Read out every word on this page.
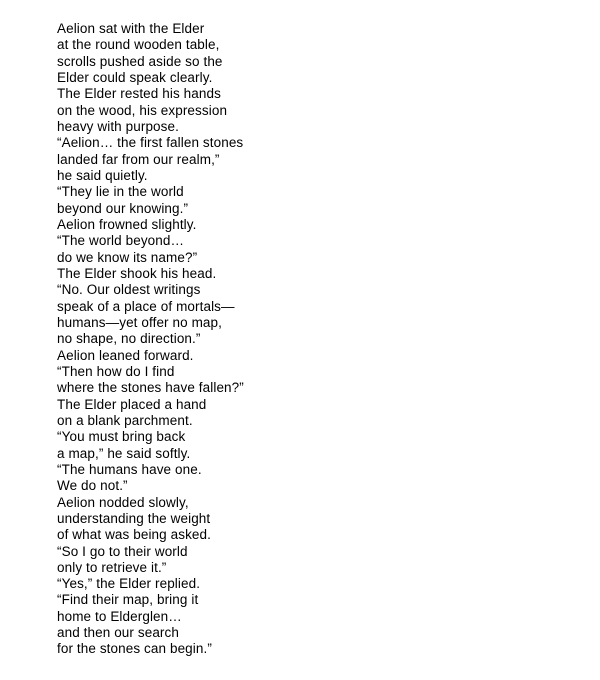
Aelion sat with the Elder
at the round wooden table,
scrolls pushed aside so the
Elder could speak clearly.
The Elder rested his hands
on the wood, his expression
heavy with purpose.
“Aelion… the first fallen stones
landed far from our realm,”
he said quietly.
“They lie in the world
beyond our knowing.”
Aelion frowned slightly.
“The world beyond…
do we know its name?”
The Elder shook his head.
“No. Our oldest writings
speak of a place of mortals—
humans—yet offer no map,
no shape, no direction.”
Aelion leaned forward.
“Then how do I find
where the stones have fallen?”
The Elder placed a hand
on a blank parchment.
“You must bring back
a map,” he said softly.
“The humans have one.
We do not.”
Aelion nodded slowly,
understanding the weight
of what was being asked.
“So I go to their world
only to retrieve it.”
“Yes,” the Elder replied.
“Find their map, bring it
home to Elderglen…
and then our search
for the stones can begin.”
